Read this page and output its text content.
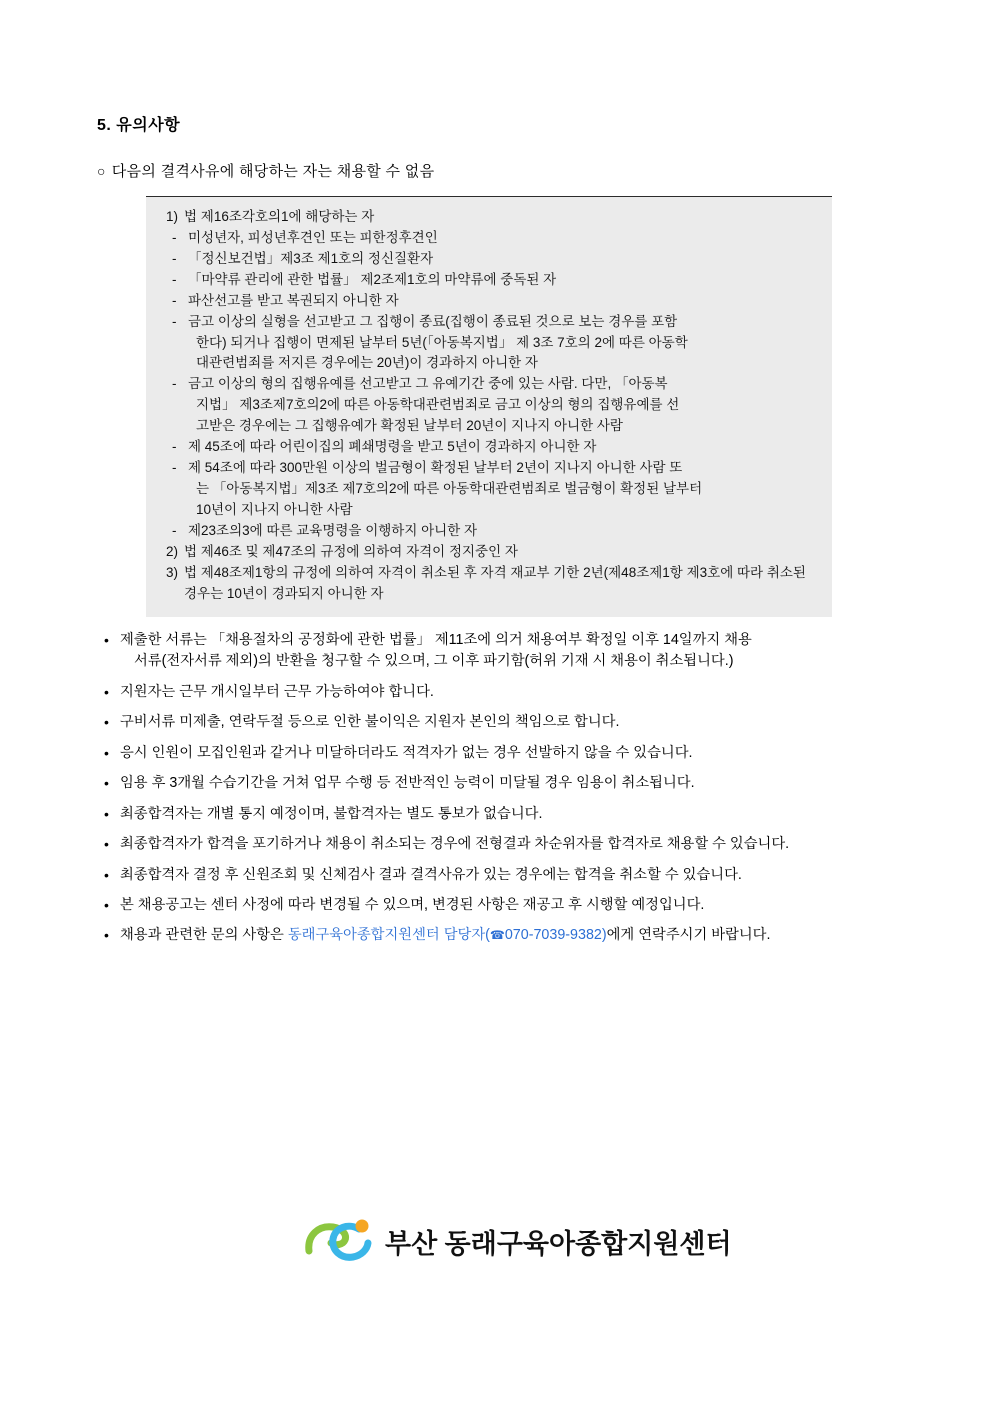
5. 유의사항
○ 다음의 결격사유에 해당하는 자는 채용할 수 없음
1) 법 제16조각호의1에 해당하는 자
- 미성년자, 피성년후견인 또는 피한정후견인
- 「정신보건법」제3조 제1호의 정신질환자
- 「마약류 관리에 관한 법률」 제2조제1호의 마약류에 중독된 자
- 파산선고를 받고 복권되지 아니한 자
- 금고 이상의 실형을 선고받고 그 집행이 종료(집행이 종료된 것으로 보는 경우를 포함
한다) 되거나 집행이 면제된 날부터 5년(「아동복지법」 제 3조 7호의 2에 따른 아동학
대관련범죄를 저지른 경우에는 20년)이 경과하지 아니한 자
- 금고 이상의 형의 집행유예를 선고받고 그 유예기간 중에 있는 사람. 다만, 「아동복
지법」 제3조제7호의2에 따른 아동학대관련범죄로 금고 이상의 형의 집행유예를 선
고받은 경우에는 그 집행유예가 확정된 날부터 20년이 지나지 아니한 사람
- 제 45조에 따라 어린이집의 폐쇄명령을 받고 5년이 경과하지 아니한 자
- 제 54조에 따라 300만원 이상의 벌금형이 확정된 날부터 2년이 지나지 아니한 사람 또
는 「아동복지법」제3조 제7호의2에 따른 아동학대관련범죄로 벌금형이 확정된 날부터
10년이 지나지 아니한 사람
- 제23조의3에 따른 교육명령을 이행하지 아니한 자
2) 법 제46조 및 제47조의 규정에 의하여 자격이 정지중인 자
3) 법 제48조제1항의 규정에 의하여 자격이 취소된 후 자격 재교부 기한 2년(제48조제1항 제3호에 따라 취소된 경우는 10년이 경과되지 아니한 자
• 제출한 서류는 「채용절차의 공정화에 관한 법률」 제11조에 의거 채용여부 확정일 이후 14일까지 채용
서류(전자서류 제외)의 반환을 청구할 수 있으며, 그 이후 파기함(허위 기재 시 채용이 취소됩니다.)
• 지원자는 근무 개시일부터 근무 가능하여야 합니다.
• 구비서류 미제출, 연락두절 등으로 인한 불이익은 지원자 본인의 책임으로 합니다.
• 응시 인원이 모집인원과 같거나 미달하더라도 적격자가 없는 경우 선발하지 않을 수 있습니다.
• 임용 후 3개월 수습기간을 거쳐 업무 수행 등 전반적인 능력이 미달될 경우 임용이 취소됩니다.
• 최종합격자는 개별 통지 예정이며, 불합격자는 별도 통보가 없습니다.
• 최종합격자가 합격을 포기하거나 채용이 취소되는 경우에 전형결과 차순위자를 합격자로 채용할 수 있습니다.
• 최종합격자 결정 후 신원조회 및 신체검사 결과 결격사유가 있는 경우에는 합격을 취소할 수 있습니다.
• 본 채용공고는 센터 사정에 따라 변경될 수 있으며, 변경된 사항은 재공고 후 시행할 예정입니다.
• 채용과 관련한 문의 사항은 동래구육아종합지원센터 담당자(☎070-7039-9382)에게 연락주시기 바랍니다.
부산 동래구육아종합지원센터
